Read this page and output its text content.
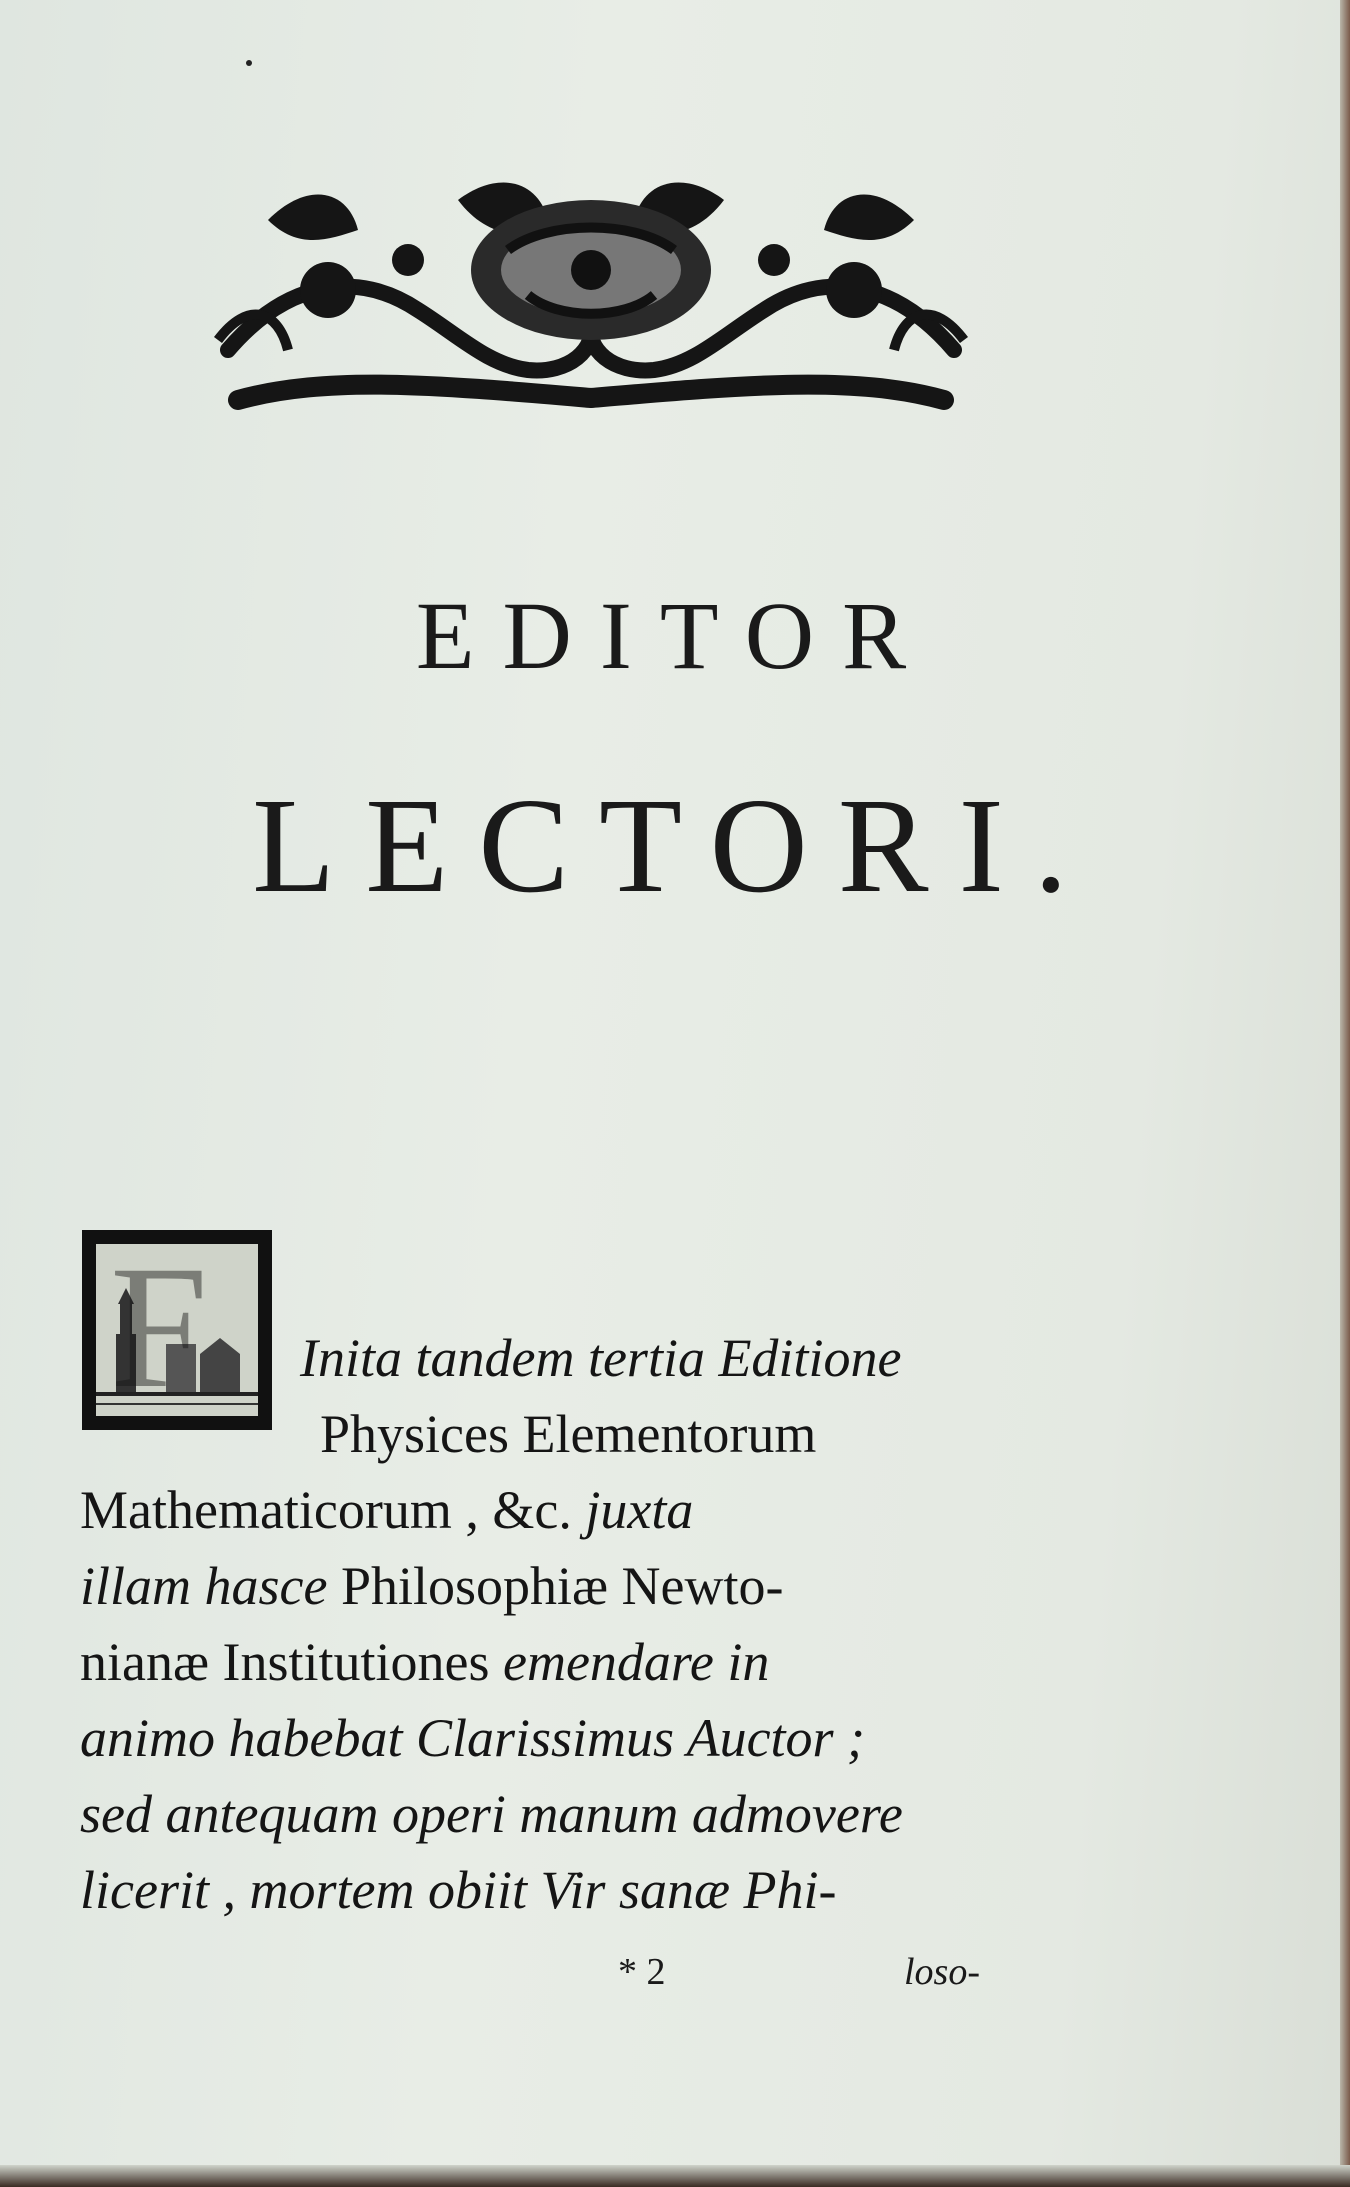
EDITOR
LECTORI.
F Inita tandem tertia Editione
Physices Elementorum
Mathematicorum , &c. juxta
illam hasce Philosophiæ Newto-
nianæ Institutiones emendare in
animo habebat Clarissimus Auctor ;
sed antequam operi manum admovere
licerit , mortem obiit Vir sanæ Phi-
* 2	loso-
